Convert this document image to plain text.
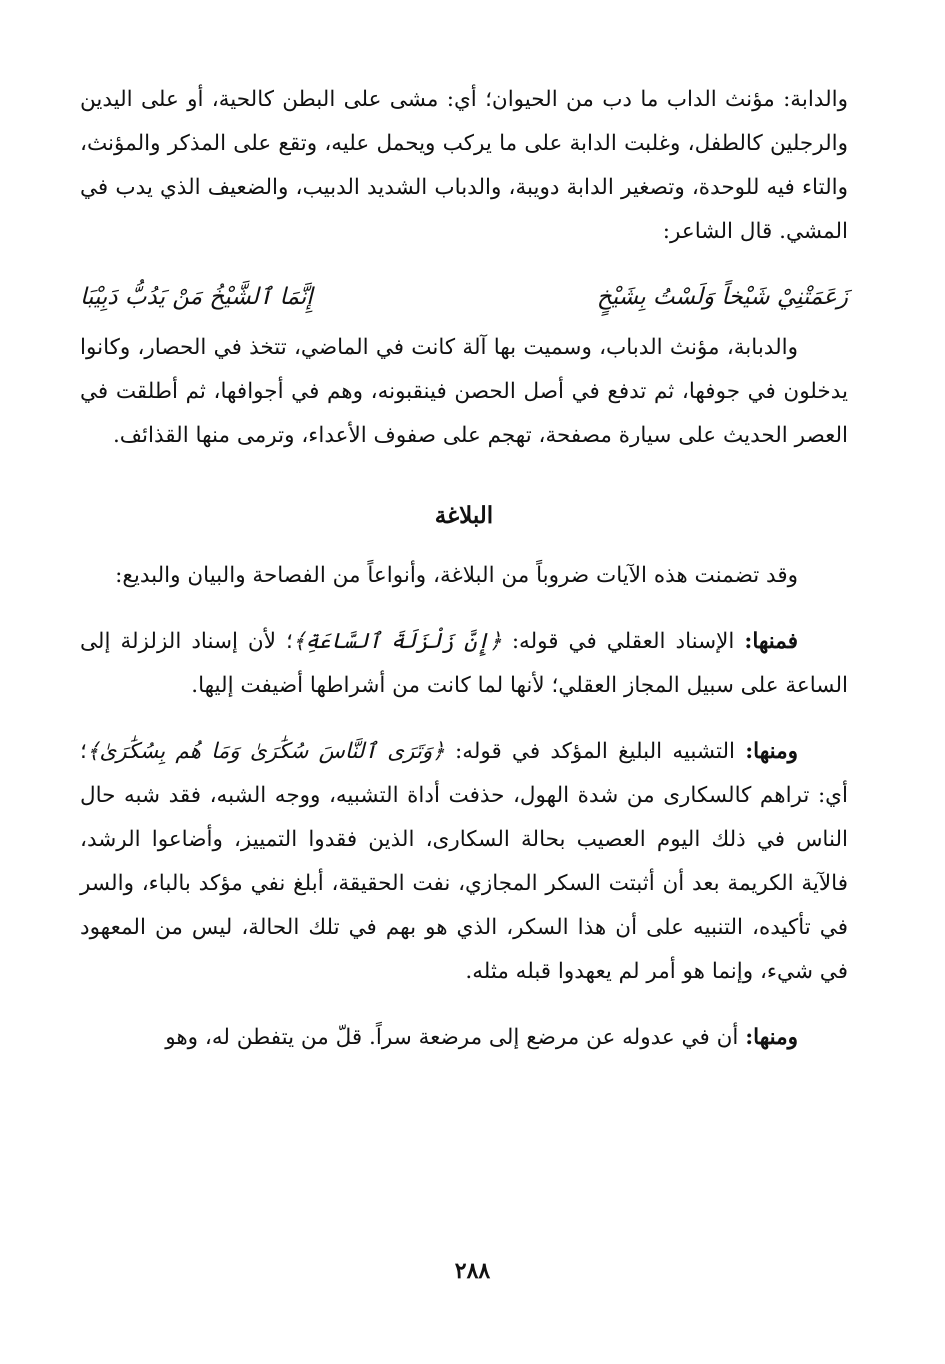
والدابة: مؤنث الداب ما دب من الحيوان؛ أي: مشى على البطن كالحية، أو على اليدين والرجلين كالطفل، وغلبت الدابة على ما يركب ويحمل عليه، وتقع على المذكر والمؤنث، والتاء فيه للوحدة، وتصغير الدابة دويبة، والدباب الشديد الدبيب، والضعيف الذي يدب في المشي. قال الشاعر:

زَعَمَتْنِيْ شَيْخاً وَلَسْتُ بِشَيْخٍ
إِنَّمَا ٱلشَّيْخُ مَنْ يَدُبُّ دَبِيْبَا

والدبابة، مؤنث الدباب، وسميت بها آلة كانت في الماضي، تتخذ في الحصار، وكانوا يدخلون في جوفها، ثم تدفع في أصل الحصن فينقبونه، وهم في أجوافها، ثم أطلقت في العصر الحديث على سيارة مصفحة، تهجم على صفوف الأعداء، وترمى منها القذائف.

البلاغة

وقد تضمنت هذه الآيات ضروباً من البلاغة، وأنواعاً من الفصاحة والبيان والبديع:

فمنها: الإسناد العقلي في قوله: ﴿إِنَّ زَلْزَلَةَ ٱلسَّاعَةِ﴾؛ لأن إسناد الزلزلة إلى الساعة على سبيل المجاز العقلي؛ لأنها لما كانت من أشراطها أضيفت إليها.

ومنها: التشبيه البليغ المؤكد في قوله: ﴿وَتَرَى ٱلنَّاسَ سُكَٰرَىٰ وَمَا هُم بِسُكَٰرَىٰ﴾؛ أي: تراهم كالسكارى من شدة الهول، حذفت أداة التشبيه، ووجه الشبه، فقد شبه حال الناس في ذلك اليوم العصيب بحالة السكارى، الذين فقدوا التمييز، وأضاعوا الرشد، فالآية الكريمة بعد أن أثبتت السكر المجازي، نفت الحقيقة، أبلغ نفي مؤكد بالباء، والسر في تأكيده، التنبيه على أن هذا السكر، الذي هو بهم في تلك الحالة، ليس من المعهود في شيء، وإنما هو أمر لم يعهدوا قبله مثله.

ومنها: أن في عدوله عن مرضع إلى مرضعة سراً. قلّ من يتفطن له، وهو

٢٨٨
